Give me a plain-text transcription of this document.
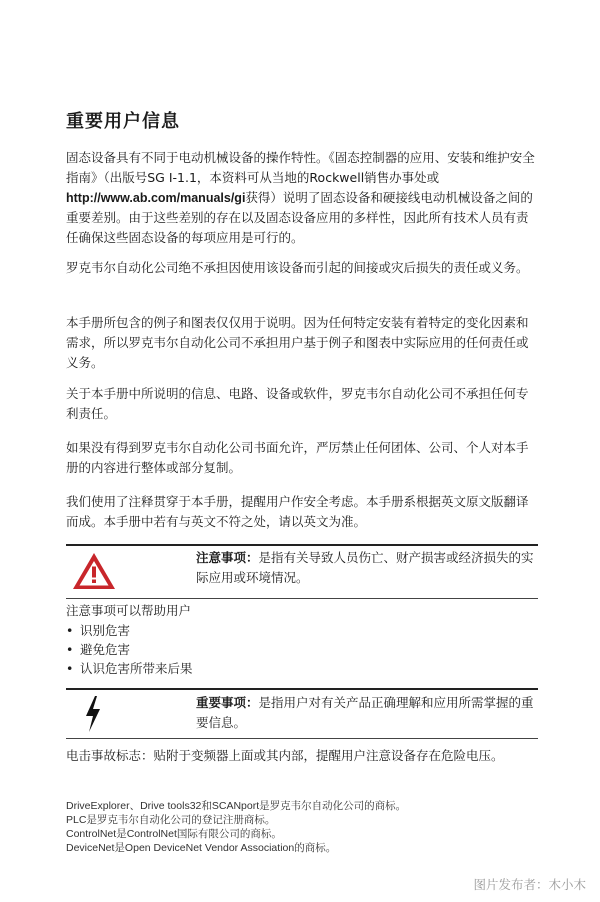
重要用户信息

固态设备具有不同于电动机械设备的操作特性。《固态控制器的应用、安装和维护安全指南》（出版号SG I-1.1，本资料可从当地的Rockwell销售办事处或http://www.ab.com/manuals/gi获得）说明了固态设备和硬接线电动机械设备之间的重要差别。由于这些差别的存在以及固态设备应用的多样性，因此所有技术人员有责任确保这些固态设备的每项应用是可行的。

罗克韦尔自动化公司绝不承担因使用该设备而引起的间接或灾后损失的责任或义务。

本手册所包含的例子和图表仅仅用于说明。因为任何特定安装有着特定的变化因素和需求，所以罗克韦尔自动化公司不承担用户基于例子和图表中实际应用的任何责任或义务。

关于本手册中所说明的信息、电路、设备或软件，罗克韦尔自动化公司不承担任何专利责任。

如果没有得到罗克韦尔自动化公司书面允许，严厉禁止任何团体、公司、个人对本手册的内容进行整体或部分复制。

我们使用了注释贯穿于本手册，提醒用户作安全考虑。本手册系根据英文原文版翻译而成。本手册中若有与英文不符之处，请以英文为准。

注意事项：是指有关导致人员伤亡、财产损害或经济损失的实际应用或环境情况。
注意事项可以帮助用户
• 识别危害
• 避免危害
• 认识危害所带来后果
重要事项：是指用户对有关产品正确理解和应用所需掌握的重要信息。
电击事故标志：贴附于变频器上面或其内部，提醒用户注意设备存在危险电压。
DriveExplorer、Drive tools32和SCANport是罗克韦尔自动化公司的商标。
PLC是罗克韦尔自动化公司的登记注册商标。
ControlNet是ControlNet国际有限公司的商标。
DeviceNet是Open DeviceNet Vendor Association的商标。
图片发布者：木小木
